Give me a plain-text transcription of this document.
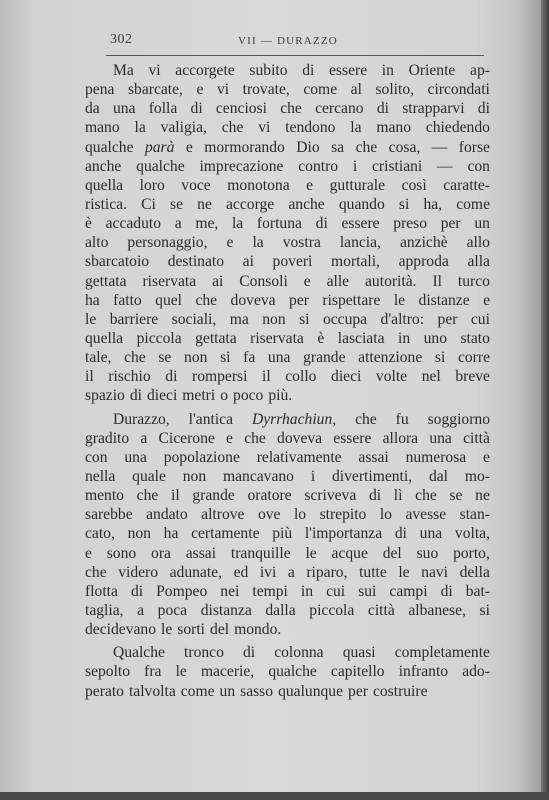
302	VII — DURAZZO
Ma vi accorgete subito di essere in Oriente ap-
pena sbarcate, e vi trovate, come al solito, circondati
da una folla di cenciosi che cercano di strapparvi di
mano la valigia, che vi tendono la mano chiedendo
qualche parà e mormorando Dio sa che cosa, — forse
anche qualche imprecazione contro i cristiani — con
quella loro voce monotona e gutturale così caratte-
ristica. Ci se ne accorge anche quando si ha, come
è accaduto a me, la fortuna di essere preso per un
alto personaggio, e la vostra lancia, anzichè allo
sbarcatoio destinato ai poveri mortali, approda alla
gettata riservata ai Consoli e alle autorità. Il turco
ha fatto quel che doveva per rispettare le distanze e
le barriere sociali, ma non si occupa d'altro: per cui
quella piccola gettata riservata è lasciata in uno stato
tale, che se non si fa una grande attenzione si corre
il rischio di rompersi il collo dieci volte nel breve
spazio di dieci metri o poco più.
Durazzo, l'antica Dyrrhachiun, che fu soggiorno
gradito a Cicerone e che doveva essere allora una città
con una popolazione relativamente assai numerosa e
nella quale non mancavano i divertimenti, dal mo-
mento che il grande oratore scriveva di lì che se ne
sarebbe andato altrove ove lo strepito lo avesse stan-
cato, non ha certamente più l'importanza di una volta,
e sono ora assai tranquille le acque del suo porto,
che videro adunate, ed ivi a riparo, tutte le navi della
flotta di Pompeo nei tempi in cui sui campi di bat-
taglia, a poca distanza dalla piccola città albanese, si
decidevano le sorti del mondo.
Qualche tronco di colonna quasi completamente
sepolto fra le macerie, qualche capitello infranto ado-
perato talvolta come un sasso qualunque per costruire
